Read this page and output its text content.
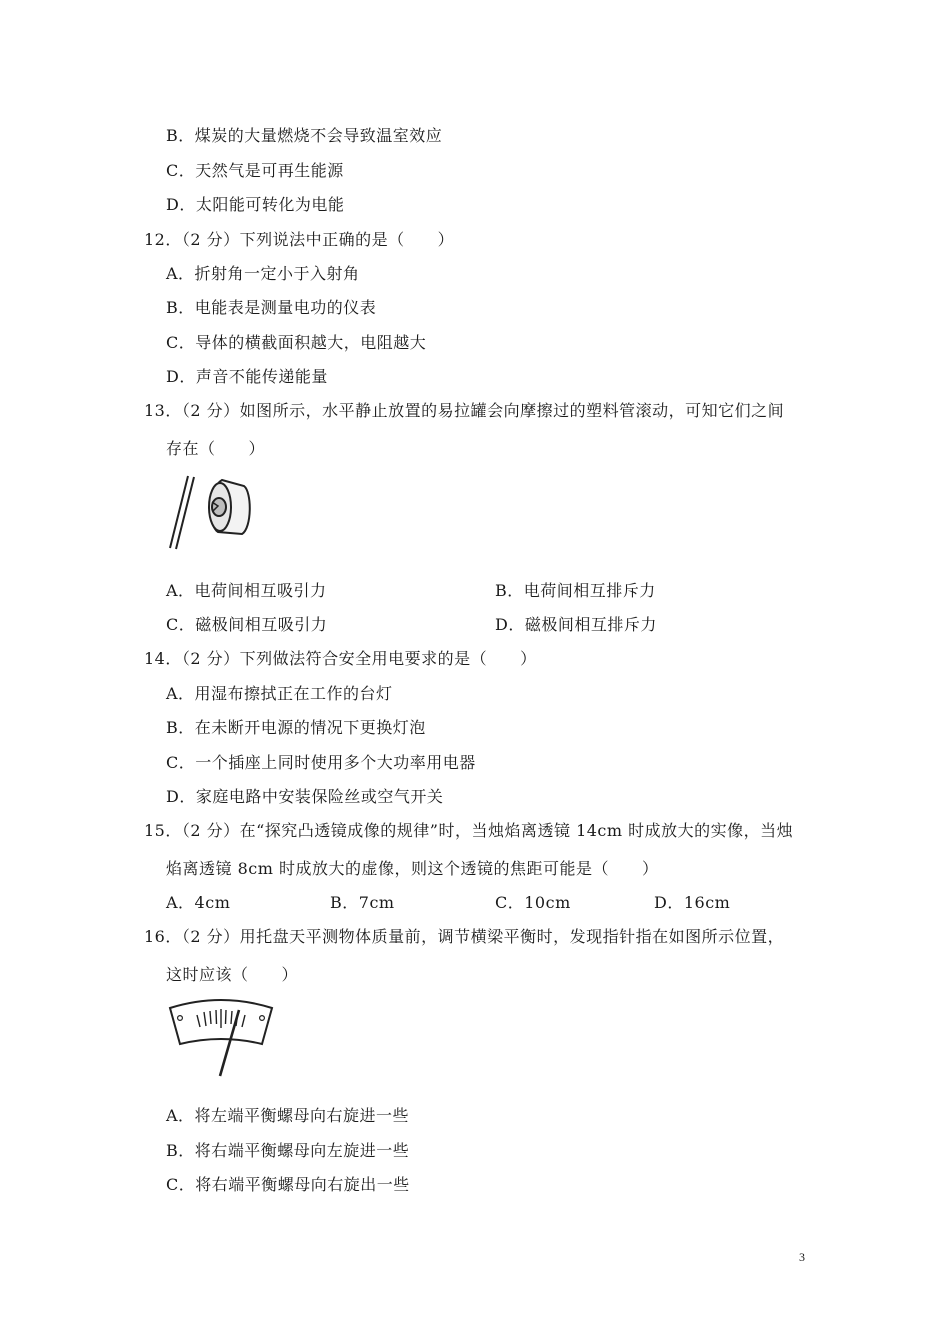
B．煤炭的大量燃烧不会导致温室效应
C．天然气是可再生能源
D．太阳能可转化为电能
12．（2 分）下列说法中正确的是（　　）
A．折射角一定小于入射角
B．电能表是测量电功的仪表
C．导体的横截面积越大，电阻越大
D．声音不能传递能量
13．（2 分）如图所示，水平静止放置的易拉罐会向摩擦过的塑料管滚动，可知它们之间
存在（　　）
A．电荷间相互吸引力	B．电荷间相互排斥力
C．磁极间相互吸引力	D．磁极间相互排斥力
14．（2 分）下列做法符合安全用电要求的是（　　）
A．用湿布擦拭正在工作的台灯
B．在未断开电源的情况下更换灯泡
C．一个插座上同时使用多个大功率用电器
D．家庭电路中安装保险丝或空气开关
15．（2 分）在“探究凸透镜成像的规律”时，当烛焰离透镜 14cm 时成放大的实像，当烛
焰离透镜 8cm 时成放大的虚像，则这个透镜的焦距可能是（　　）
A．4cm	B．7cm	C．10cm	D．16cm
16．（2 分）用托盘天平测物体质量前，调节横梁平衡时，发现指针指在如图所示位置，
这时应该（　　）
A．将左端平衡螺母向右旋进一些
B．将右端平衡螺母向左旋进一些
C．将右端平衡螺母向右旋出一些
3
